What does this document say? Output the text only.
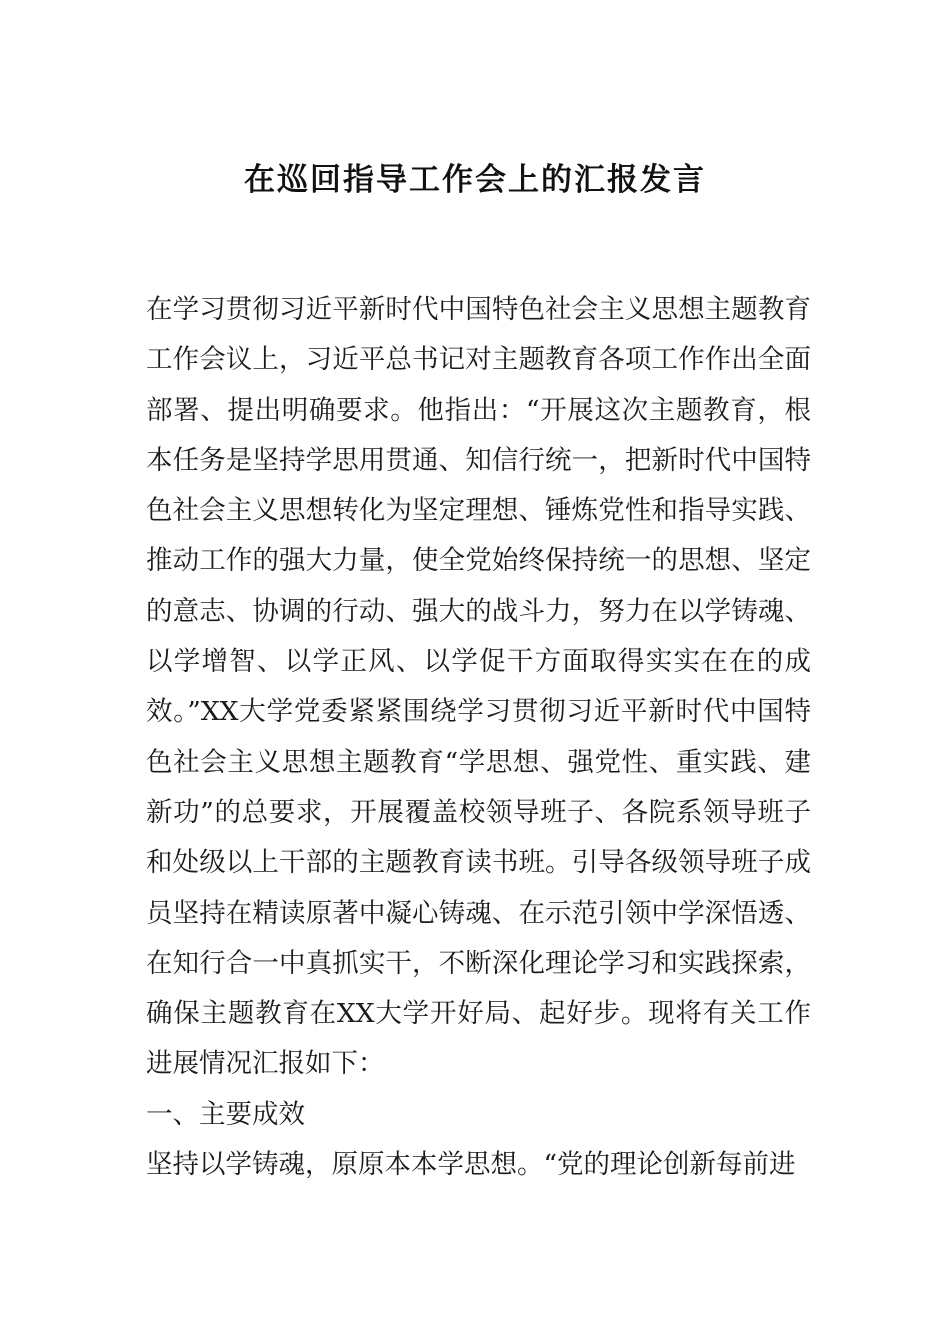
在巡回指导工作会上的汇报发言

在学习贯彻习近平新时代中国特色社会主义思想主题教育工作会议上，习近平总书记对主题教育各项工作作出全面部署、提出明确要求。他指出：“开展这次主题教育，根本任务是坚持学思用贯通、知信行统一，把新时代中国特色社会主义思想转化为坚定理想、锤炼党性和指导实践、推动工作的强大力量，使全党始终保持统一的思想、坚定的意志、协调的行动、强大的战斗力，努力在以学铸魂、以学增智、以学正风、以学促干方面取得实实在在的成效。”XX大学党委紧紧围绕学习贯彻习近平新时代中国特色社会主义思想主题教育“学思想、强党性、重实践、建新功”的总要求，开展覆盖校领导班子、各院系领导班子和处级以上干部的主题教育读书班。引导各级领导班子成员坚持在精读原著中凝心铸魂、在示范引领中学深悟透、在知行合一中真抓实干，不断深化理论学习和实践探索，确保主题教育在XX大学开好局、起好步。现将有关工作进展情况汇报如下：

一、主要成效

坚持以学铸魂，原原本本学思想。“党的理论创新每前进
